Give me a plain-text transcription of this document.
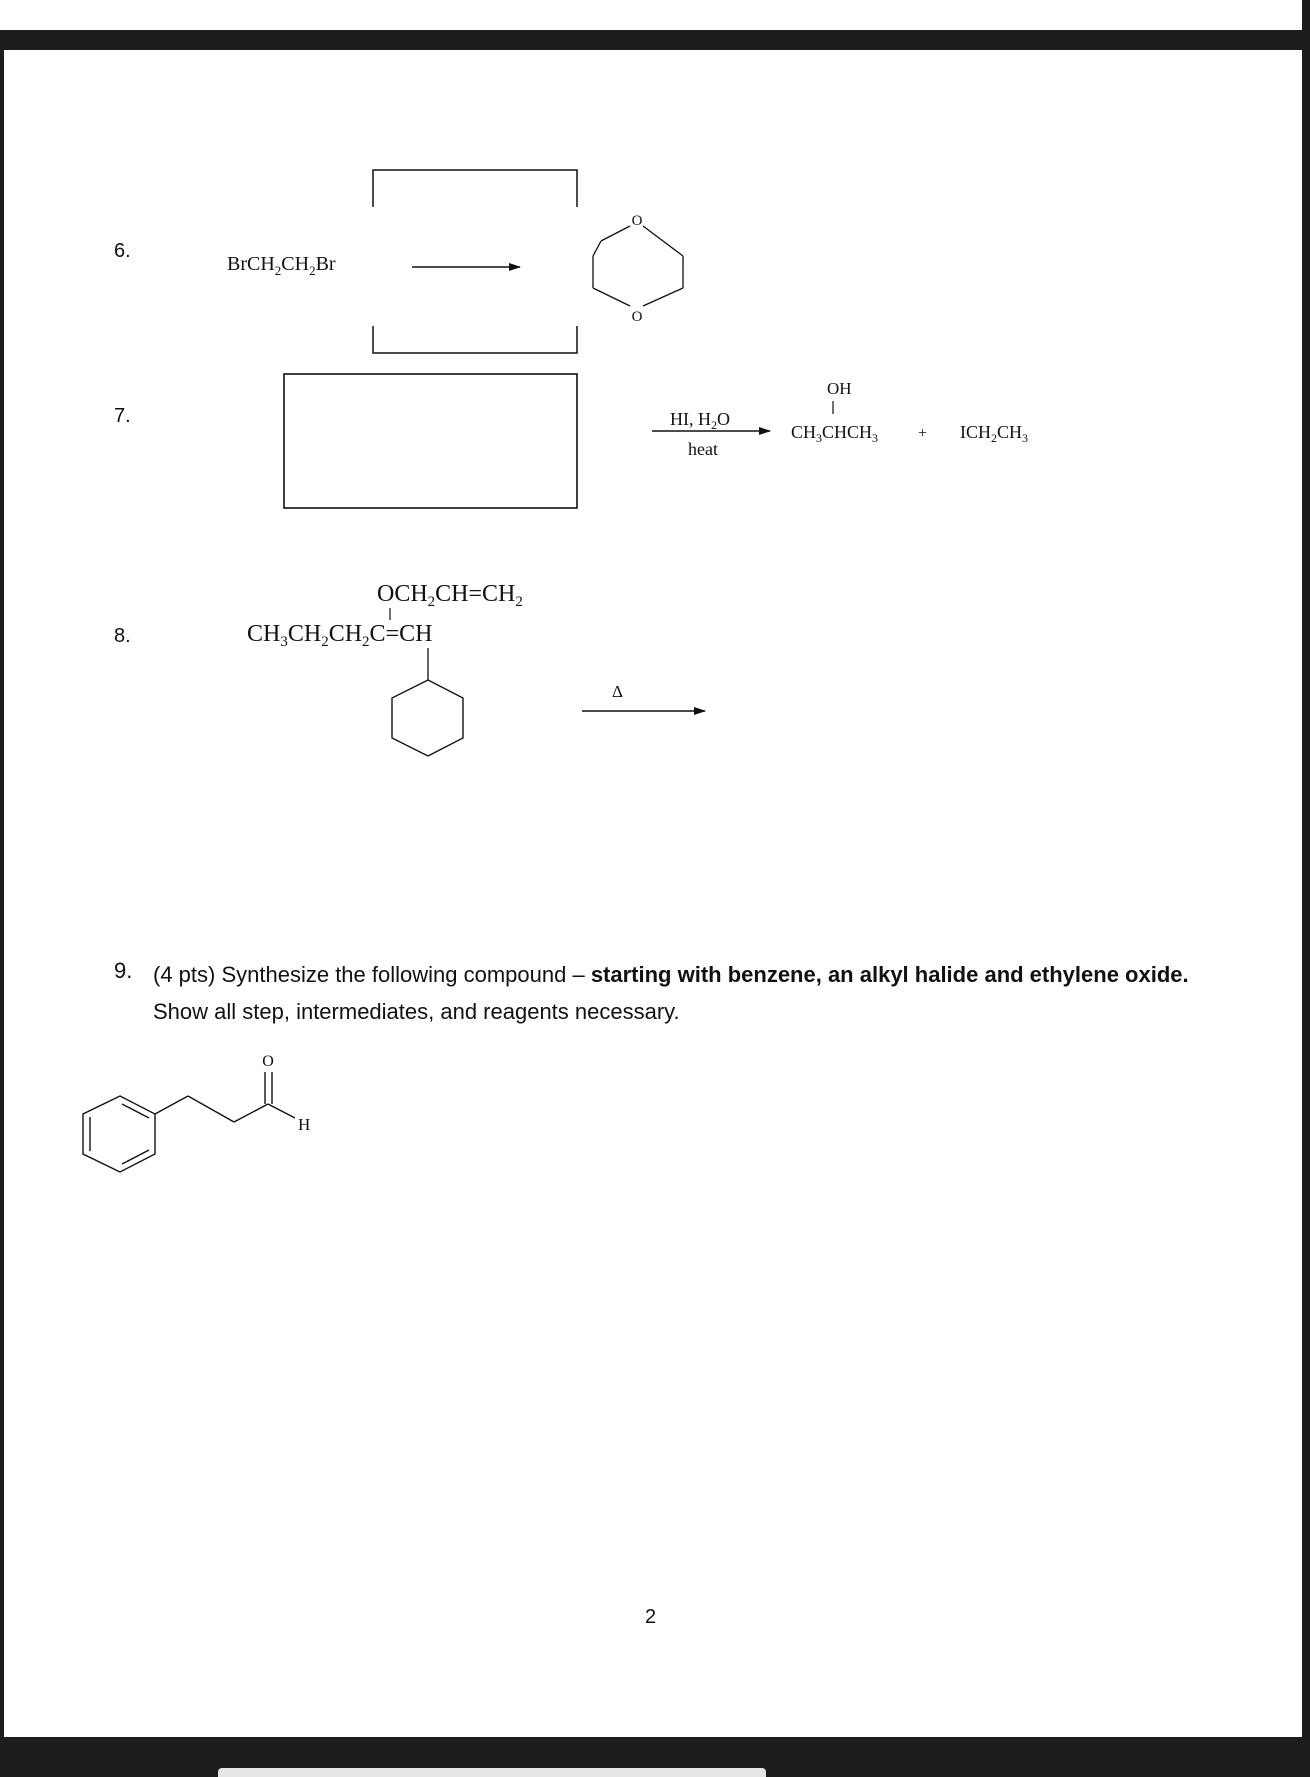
6.
7.
8.
9. (4 pts) Synthesize the following compound – starting with benzene, an alkyl halide and ethylene oxide. Show all step, intermediates, and reagents necessary.
2
$BrCH_2CH_2Br$
O
O
HI, $H_2O$
heat
OH
$CH_3CHCH_3 + ICH_2CH_3$
$OCH_2CH=CH_2$
$CH_3CH_2CH_2C=CH$
Δ
O
H
